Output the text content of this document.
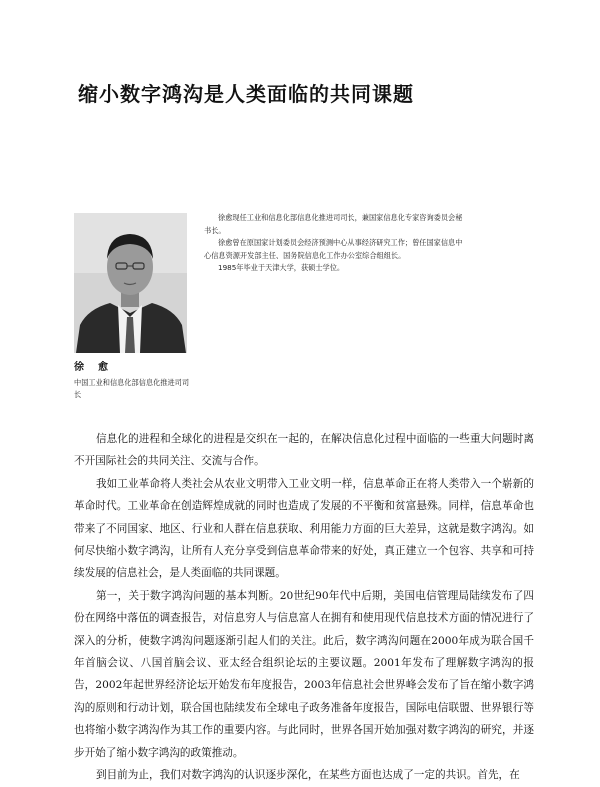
缩小数字鸿沟是人类面临的共同课题

徐愈现任工业和信息化部信息化推进司司长，兼国家信息化专家咨询委员会秘书长。

徐愈曾在原国家计划委员会经济预测中心从事经济研究工作；曾任国家信息中心信息资源开发部主任、国务院信息化工作办公室综合组组长。

1985年毕业于天津大学，获硕士学位。

徐　愈
中国工业和信息化部信息化推进司司长

信息化的进程和全球化的进程是交织在一起的，在解决信息化过程中面临的一些重大问题时离不开国际社会的共同关注、交流与合作。

我如工业革命将人类社会从农业文明带入工业文明一样，信息革命正在将人类带入一个崭新的革命时代。工业革命在创造辉煌成就的同时也造成了发展的不平衡和贫富悬殊。同样，信息革命也带来了不同国家、地区、行业和人群在信息获取、利用能力方面的巨大差异，这就是数字鸿沟。如何尽快缩小数字鸿沟，让所有人充分享受到信息革命带来的好处，真正建立一个包容、共享和可持续发展的信息社会，是人类面临的共同课题。

第一，关于数字鸿沟问题的基本判断。20世纪90年代中后期，美国电信管理局陆续发布了四份在网络中落伍的调查报告，对信息穷人与信息富人在拥有和使用现代信息技术方面的情况进行了深入的分析，使数字鸿沟问题逐渐引起人们的关注。此后，数字鸿沟问题在2000年成为联合国千年首脑会议、八国首脑会议、亚太经合组织论坛的主要议题。2001年发布了理解数字鸿沟的报告，2002年起世界经济论坛开始发布年度报告，2003年信息社会世界峰会发布了旨在缩小数字鸿沟的原则和行动计划，联合国也陆续发布全球电子政务准备年度报告，国际电信联盟、世界银行等也将缩小数字鸿沟作为其工作的重要内容。与此同时，世界各国开始加强对数字鸿沟的研究，并逐步开始了缩小数字鸿沟的政策推动。

到目前为止，我们对数字鸿沟的认识逐步深化，在某些方面也达成了一定的共识。首先，在
